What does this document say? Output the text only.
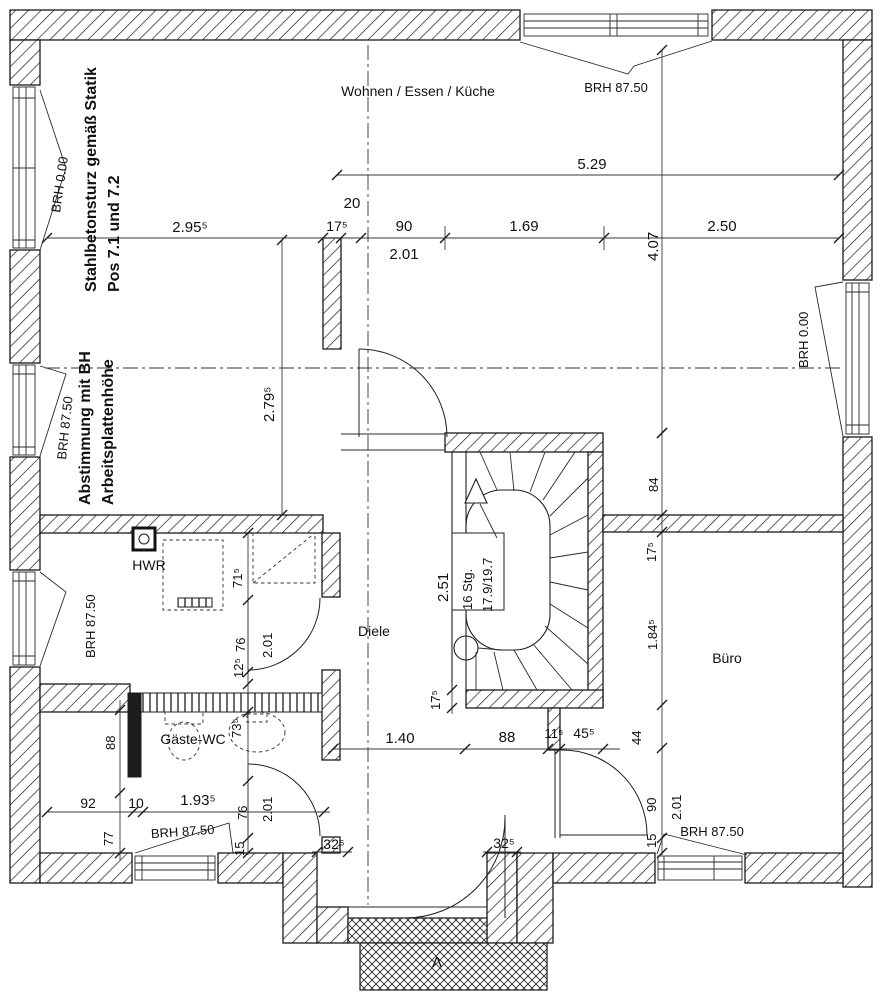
Wohnen / Essen / Küche
Diele
Büro
HWR
Gäste-WC
Stahlbetonsturz gemäß Statik Pos 7.1 und 7.2
Abstimmung mit BH Arbeitsplattenhöhe
16 Stg. 17.9/19.7
BRH 87.50
BRH 0.00
BRH 87.50
BRH 87.50
BRH 0.00
BRH 87.50	BRH 87.50
5.29
2.95⁵
20
17⁵	90
2.01
1.69
4.07
2.50
2.79⁵
2.51
17⁵
71⁵
76 2.01
12⁵
73⁵
76 2.01
15
88
77
92 10 1.93⁵
1.40	88 11⁵ 45⁵
32⁵	32⁵
84
17⁵
1.84⁵
44
90 2.01
15
Λ
